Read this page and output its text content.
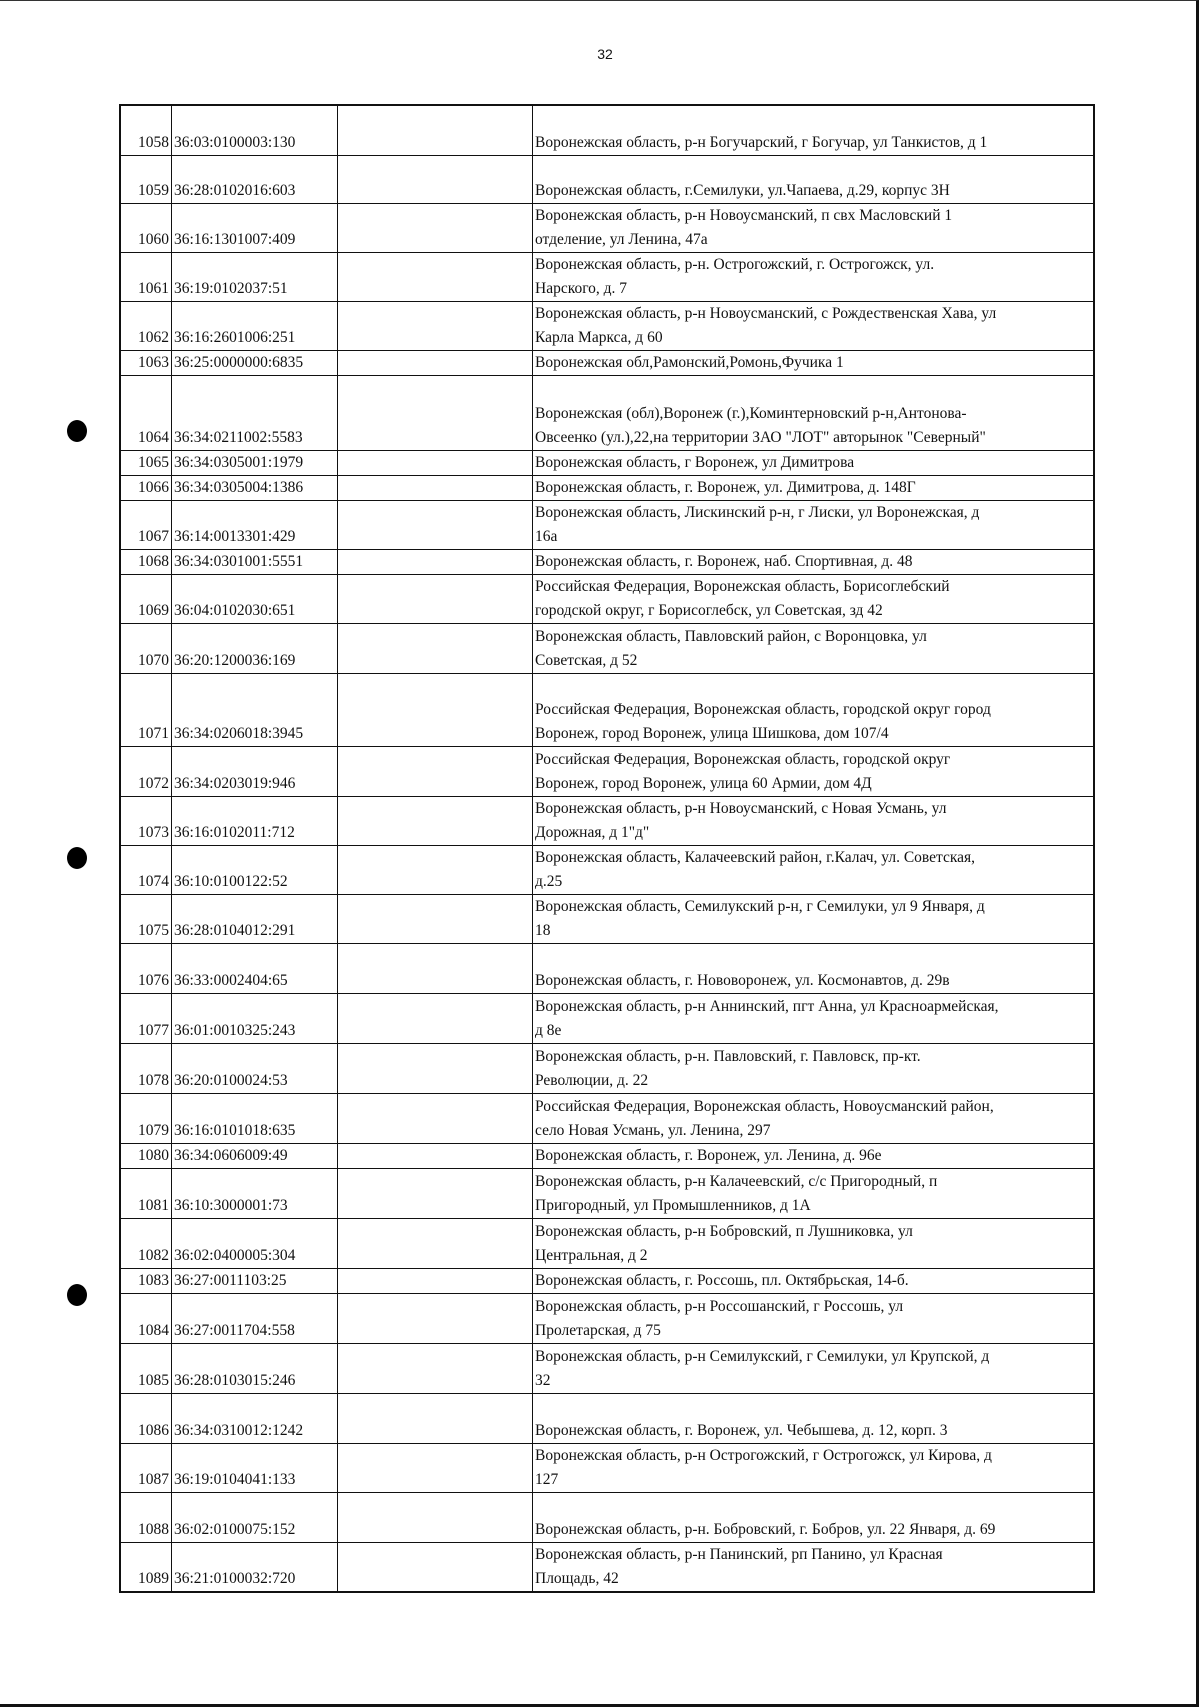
32
1058	36:03:0100003:130		Воронежская область, р-н Богучарский, г Богучар, ул Танкистов, д 1

1059	36:28:0102016:603		Воронежская область, г.Семилуки, ул.Чапаева, д.29, корпус 3Н

1060	36:16:1301007:409		Воронежская область, р-н Новоусманский, п свх Масловский 1
отделение, ул Ленина, 47а

1061	36:19:0102037:51		Воронежская область, р-н. Острогожский, г. Острогожск, ул.
Нарского, д. 7

1062	36:16:2601006:251		Воронежская область, р-н Новоусманский, с Рождественская Хава, ул
Карла Маркса, д 60

1063	36:25:0000000:6835		Воронежская обл,Рамонский,Ромонь,Фучика 1

1064	36:34:0211002:5583		Воронежская (обл),Воронеж (г.),Коминтерновский р-н,Антонова-
Овсеенко (ул.),22,на территории ЗАО "ЛОТ" авторынок "Северный"

1065	36:34:0305001:1979		Воронежская область, г Воронеж, ул Димитрова

1066	36:34:0305004:1386		Воронежская область, г. Воронеж, ул. Димитрова, д. 148Г

1067	36:14:0013301:429		Воронежская область, Лискинский р-н, г Лиски, ул Воронежская, д
16а

1068	36:34:0301001:5551		Воронежская область, г. Воронеж, наб. Спортивная, д. 48

1069	36:04:0102030:651		Российская Федерация, Воронежская область, Борисоглебский
городской округ, г Борисоглебск, ул Советская, зд 42

1070	36:20:1200036:169		Воронежская область, Павловский район, с Воронцовка, ул
Советская, д 52

1071	36:34:0206018:3945		Российская Федерация, Воронежская область, городской округ город
Воронеж, город Воронеж, улица Шишкова, дом 107/4

1072	36:34:0203019:946		Российская Федерация, Воронежская область, городской округ
Воронеж, город Воронеж, улица 60 Армии, дом 4Д

1073	36:16:0102011:712		Воронежская область, р-н Новоусманский, с Новая Усмань, ул
Дорожная, д 1"д"

1074	36:10:0100122:52		Воронежская область, Калачеевский район, г.Калач, ул. Советская,
д.25

1075	36:28:0104012:291		Воронежская область, Семилукский р-н, г Семилуки, ул 9 Января, д
18

1076	36:33:0002404:65		Воронежская область, г. Нововоронеж, ул. Космонавтов, д. 29в

1077	36:01:0010325:243		Воронежская область, р-н Аннинский, пгт Анна, ул Красноармейская,
д 8е

1078	36:20:0100024:53		Воронежская область, р-н. Павловский, г. Павловск, пр-кт.
Революции, д. 22

1079	36:16:0101018:635		Российская Федерация, Воронежская область, Новоусманский район,
село Новая Усмань, ул. Ленина, 297

1080	36:34:0606009:49		Воронежская область, г. Воронеж, ул. Ленина, д. 96е

1081	36:10:3000001:73		Воронежская область, р-н Калачеевский, с/с Пригородный, п
Пригородный, ул Промышленников, д 1А

1082	36:02:0400005:304		Воронежская область, р-н Бобровский, п Лушниковка, ул
Центральная, д 2

1083	36:27:0011103:25		Воронежская область, г. Россошь, пл. Октябрьская, 14-б.

1084	36:27:0011704:558		Воронежская область, р-н Россошанский, г Россошь, ул
Пролетарская, д 75

1085	36:28:0103015:246		Воронежская область, р-н Семилукский, г Семилуки, ул Крупской, д
32

1086	36:34:0310012:1242		Воронежская область, г. Воронеж, ул. Чебышева, д. 12, корп. 3

1087	36:19:0104041:133		Воронежская область, р-н Острогожский, г Острогожск, ул Кирова, д
127

1088	36:02:0100075:152		Воронежская область, р-н. Бобровский, г. Бобров, ул. 22 Января, д. 69

1089	36:21:0100032:720		Воронежская область, р-н Панинский, рп Панино, ул Красная
Площадь, 42
